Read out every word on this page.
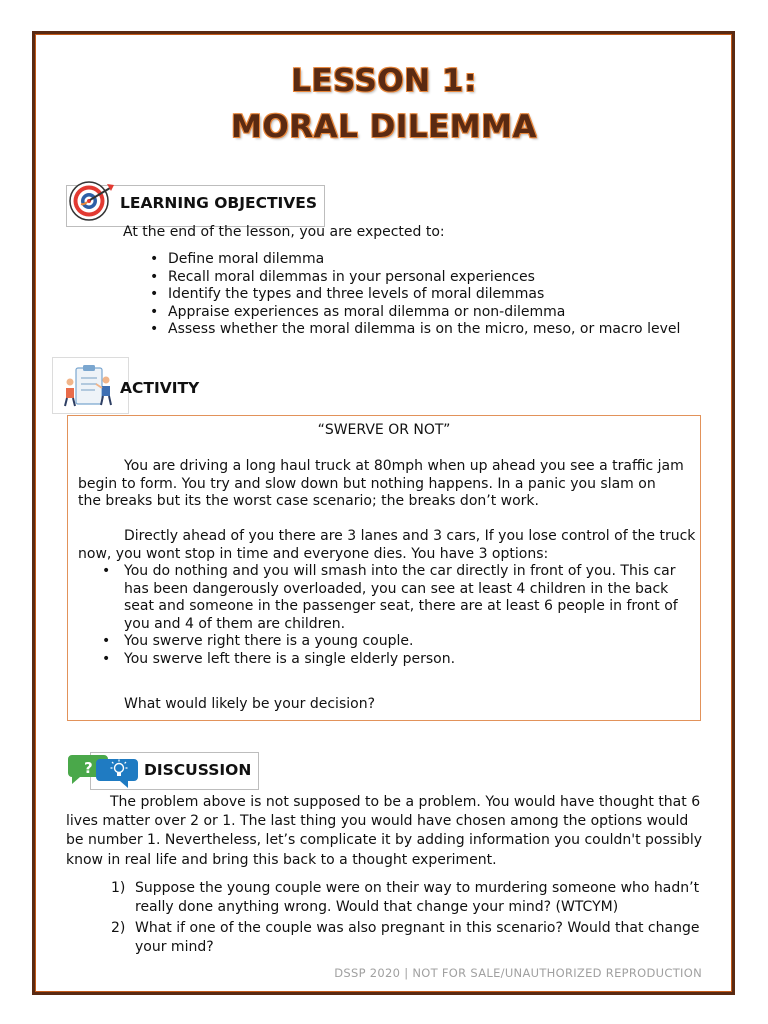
LESSON 1:
MORAL DILEMMA
LEARNING OBJECTIVES
At the end of the lesson, you are expected to:
• Define moral dilemma
• Recall moral dilemmas in your personal experiences
• Identify the types and three levels of moral dilemmas
• Appraise experiences as moral dilemma or non-dilemma
• Assess whether the moral dilemma is on the micro, meso, or macro level
ACTIVITY
“SWERVE OR NOT”
You are driving a long haul truck at 80mph when up ahead you see a traffic jam
begin to form. You try and slow down but nothing happens. In a panic you slam on the breaks but its the worst case scenario; the breaks don’t work.
Directly ahead of you there are 3 lanes and 3 cars, If you lose control of the truck
now, you wont stop in time and everyone dies. You have 3 options:
• You do nothing and you will smash into the car directly in front of you. This car has been dangerously overloaded, you can see at least 4 children in the back seat and someone in the passenger seat, there are at least 6 people in front of you and 4 of them are children.
• You swerve right there is a young couple.
• You swerve left there is a single elderly person.
What would likely be your decision?
?	DISCUSSION
The problem above is not supposed to be a problem. You would have thought that 6 lives matter over 2 or 1. The last thing you would have chosen among the options would be number 1. Nevertheless, let’s complicate it by adding information you couldn't possibly know in real life and bring this back to a thought experiment.
1) Suppose the young couple were on their way to murdering someone who hadn’t really done anything wrong. Would that change your mind? (WTCYM)
2) What if one of the couple was also pregnant in this scenario? Would that change your mind?
DSSP 2020 | NOT FOR SALE/UNAUTHORIZED REPRODUCTION
